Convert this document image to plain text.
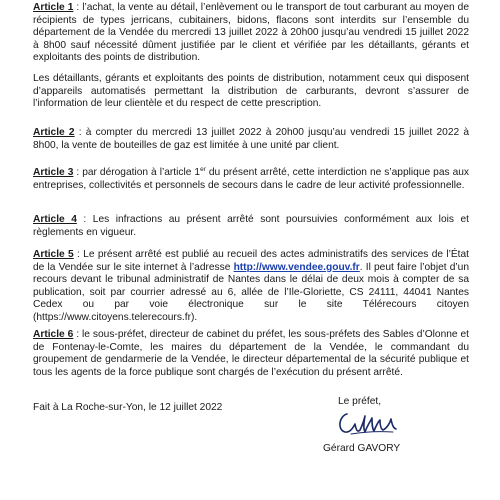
Article 1 : l’achat, la vente au détail, l’enlèvement ou le transport de tout carburant au moyen de récipients de types jerricans, cubitainers, bidons, flacons sont interdits sur l’ensemble du département de la Vendée du mercredi 13 juillet 2022 à 20h00 jusqu’au vendredi 15 juillet 2022 à 8h00 sauf nécessité dûment justifiée par le client et vérifiée par les détaillants, gérants et exploitants des points de distribution.

Les détaillants, gérants et exploitants des points de distribution, notamment ceux qui disposent d’appareils automatisés permettant la distribution de carburants, devront s’assurer de l’information de leur clientèle et du respect de cette prescription.

Article 2 : à compter du mercredi 13 juillet 2022 à 20h00 jusqu’au vendredi 15 juillet 2022 à 8h00, la vente de bouteilles de gaz est limitée à une unité par client.

Article 3 : par dérogation à l’article 1er du présent arrêté, cette interdiction ne s’applique pas aux entreprises, collectivités et personnels de secours dans le cadre de leur activité professionnelle.

Article 4 : Les infractions au présent arrêté sont poursuivies conformément aux lois et règlements en vigueur.

Article 5 : Le présent arrêté est publié au recueil des actes administratifs des services de l’État de la Vendée sur le site internet à l’adresse http://www.vendee.gouv.fr. Il peut faire l’objet d’un recours devant le tribunal administratif de Nantes dans le délai de deux mois à compter de sa publication, soit par courrier adressé au 6, allée de l’Ile-Gloriette, CS 24111, 44041 Nantes Cedex ou par voie électronique sur le site Télérecours citoyen (https://www.citoyens.telerecours.fr).

Article 6 : le sous-préfet, directeur de cabinet du préfet, les sous-préfets des Sables d’Olonne et de Fontenay-le-Comte, les maires du département de la Vendée, le commandant du groupement de gendarmerie de la Vendée, le directeur départemental de la sécurité publique et tous les agents de la force publique sont chargés de l’exécution du présent arrêté.

Fait à La Roche-sur-Yon, le 12 juillet 2022
Le préfet,
Gérard GAVORY
